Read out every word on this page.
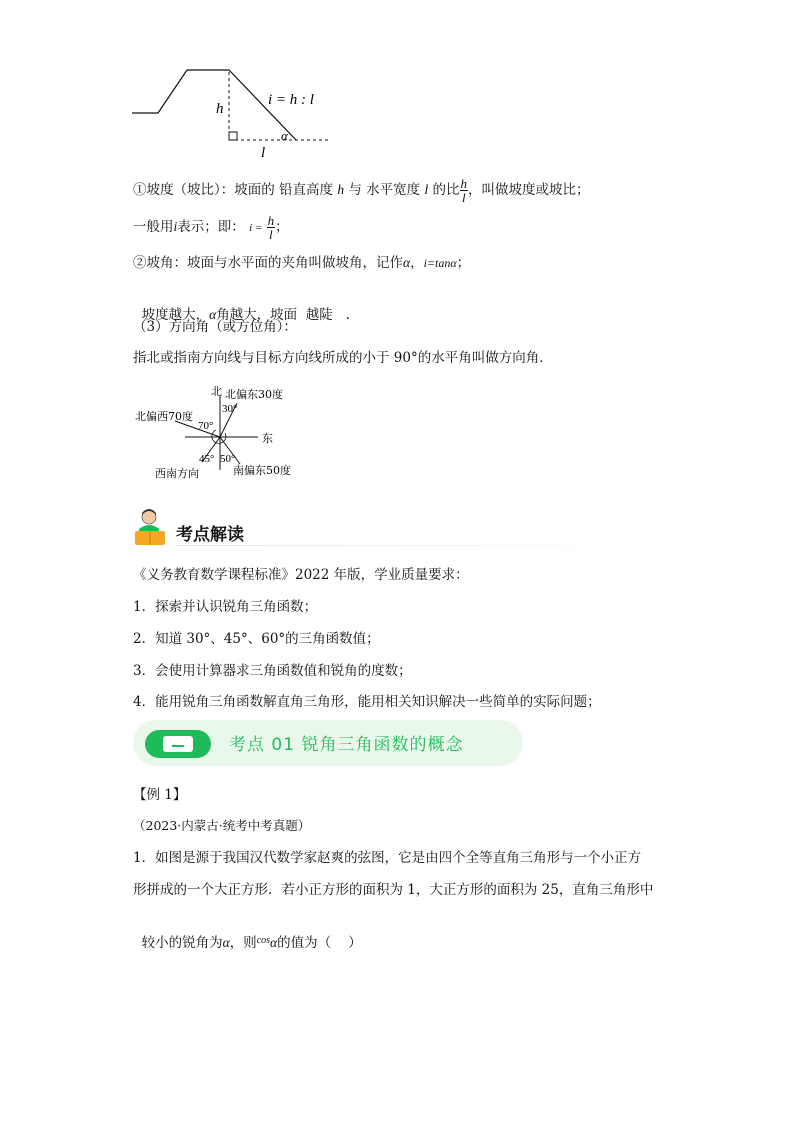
h
l
α
i = h : l
①坡度（坡比）：坡面的 铅直高度 h 与 水平宽度 l 的比 $\frac{h}{l}$ ，叫做坡度或坡比；
一般用i表示；即： $i = \frac{h}{l}$ ；
②坡角：坡面与水平面的夹角叫做坡角，记作α，i=tanα；

坡度越大，α角越大，坡面  越陡   .

（3）方向角（或方位角）：
指北或指南方向线与目标方向线所成的小于 90°的水平角叫做方向角．
北 北偏东30度
30°
北偏西70度
70°
东
45° 50°
西南方向	南偏东50度
考点解读
《义务教育数学课程标准》2022 年版，学业质量要求：
1．探索并认识锐角三角函数；
2．知道 30°、45°、60°的三角函数值；
3．会使用计算器求三角函数值和锐角的度数；
4．能用锐角三角函数解直角三角形，能用相关知识解决一些简单的实际问题；
考点 01 锐角三角函数的概念
【例 1】
（2023·内蒙古·统考中考真题）
1．如图是源于我国汉代数学家赵爽的弦图，它是由四个全等直角三角形与一个小正方
形拼成的一个大正方形．若小正方形的面积为 1，大正方形的面积为 25，直角三角形中

较小的锐角为α，则$^{cos}$α的值为（    ）
